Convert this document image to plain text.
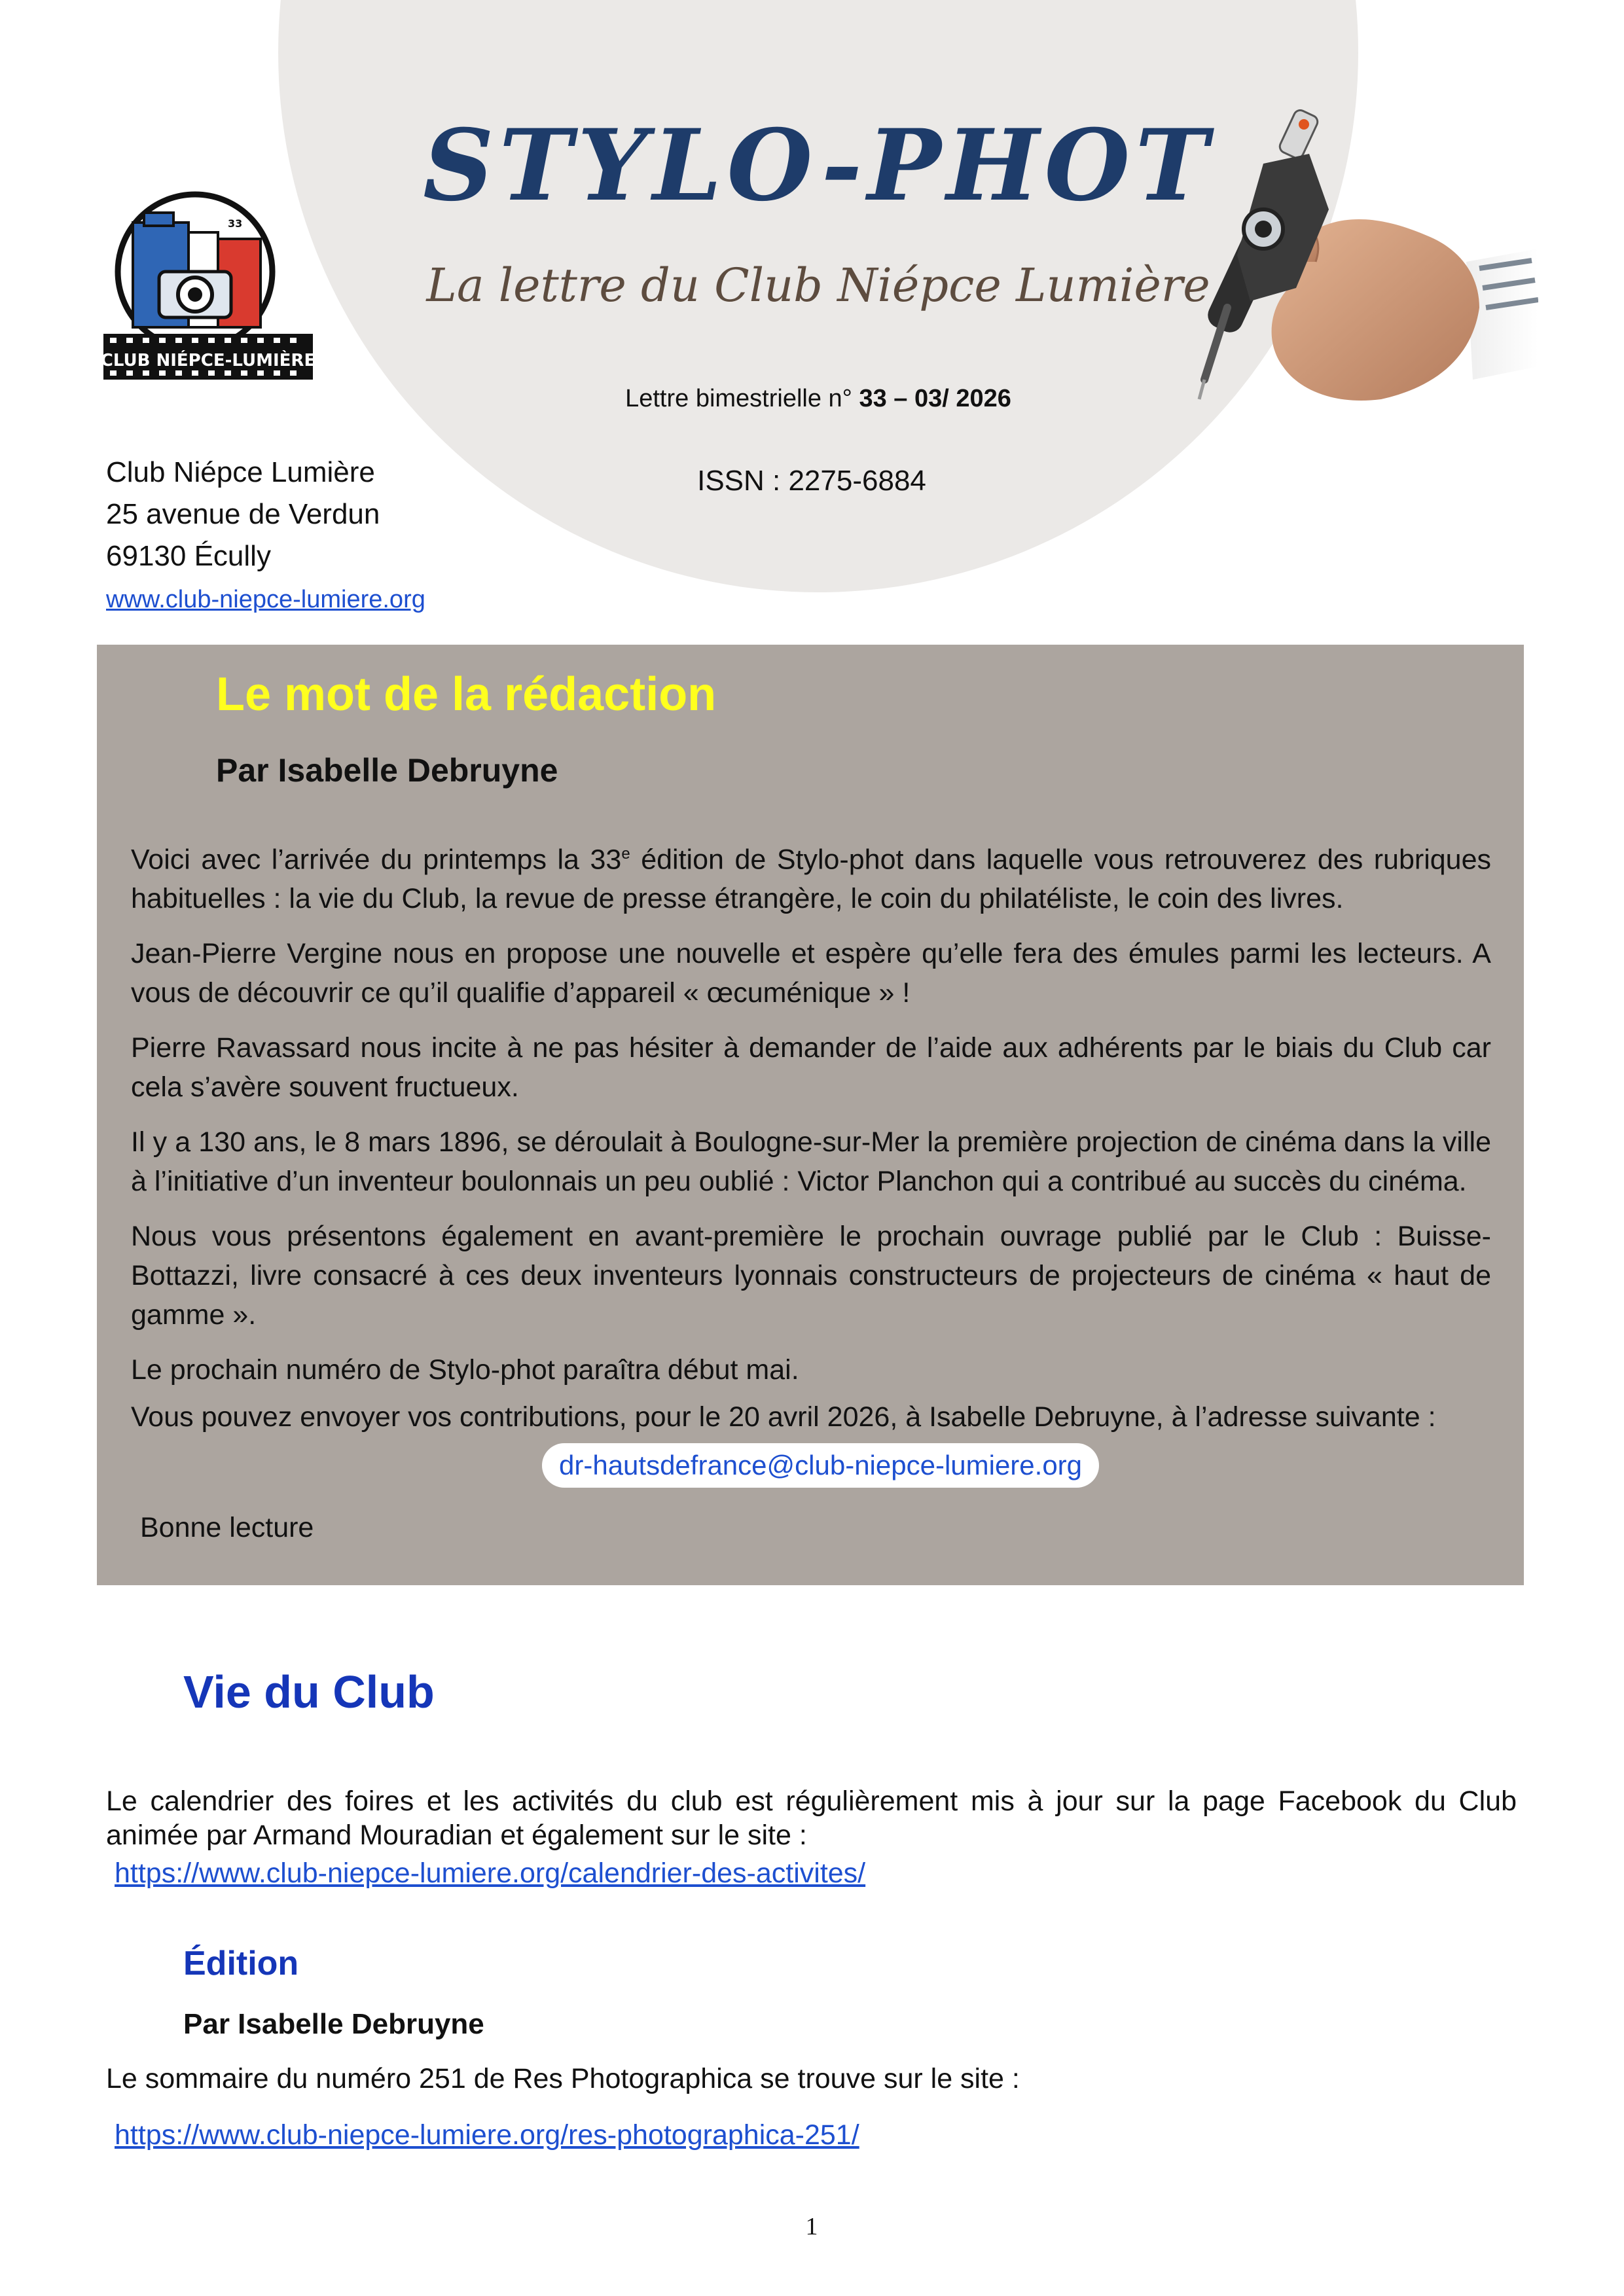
STYLO-PHOT
La lettre du Club Niépce Lumière
Lettre bimestrielle n° 33 – 03/ 2026
ISSN : 2275-6884
33
CLUB NIÉPCE-LUMIÈRE
Club Niépce Lumière
25 avenue de Verdun
69130 Écully
www.club-niepce-lumiere.org
Le mot de la rédaction
Par Isabelle Debruyne

Voici avec l’arrivée du printemps la 33e édition de Stylo-phot dans laquelle vous retrouverez des rubriques habituelles : la vie du Club, la revue de presse étrangère, le coin du philatéliste, le coin des livres.

Jean-Pierre Vergine nous en propose une nouvelle et espère qu’elle fera des émules parmi les lecteurs. A vous de découvrir ce qu’il qualifie d’appareil « œcuménique » !

Pierre Ravassard nous incite à ne pas hésiter à demander de l’aide aux adhérents par le biais du Club car cela s’avère souvent fructueux.

Il y a 130 ans, le 8 mars 1896, se déroulait à Boulogne-sur-Mer la première projection de cinéma dans la ville à l’initiative d’un inventeur boulonnais un peu oublié : Victor Planchon qui a contribué au succès du cinéma.

Nous vous présentons également en avant-première le prochain ouvrage publié par le Club : Buisse-Bottazzi, livre consacré à ces deux inventeurs lyonnais constructeurs de projecteurs de cinéma « haut de gamme ».

Le prochain numéro de Stylo-phot paraîtra début mai.

Vous pouvez envoyer vos contributions, pour le 20 avril 2026, à Isabelle Debruyne, à l’adresse suivante :

dr-hautsdefrance@club-niepce-lumiere.org
Bonne lecture
Vie du Club
Le calendrier des foires et les activités du club est régulièrement mis à jour sur la page Facebook du Club animée par Armand Mouradian et également sur le site :
https://www.club-niepce-lumiere.org/calendrier-des-activites/
Édition
Par Isabelle Debruyne
Le sommaire du numéro 251 de Res Photographica se trouve sur le site :
https://www.club-niepce-lumiere.org/res-photographica-251/
1
